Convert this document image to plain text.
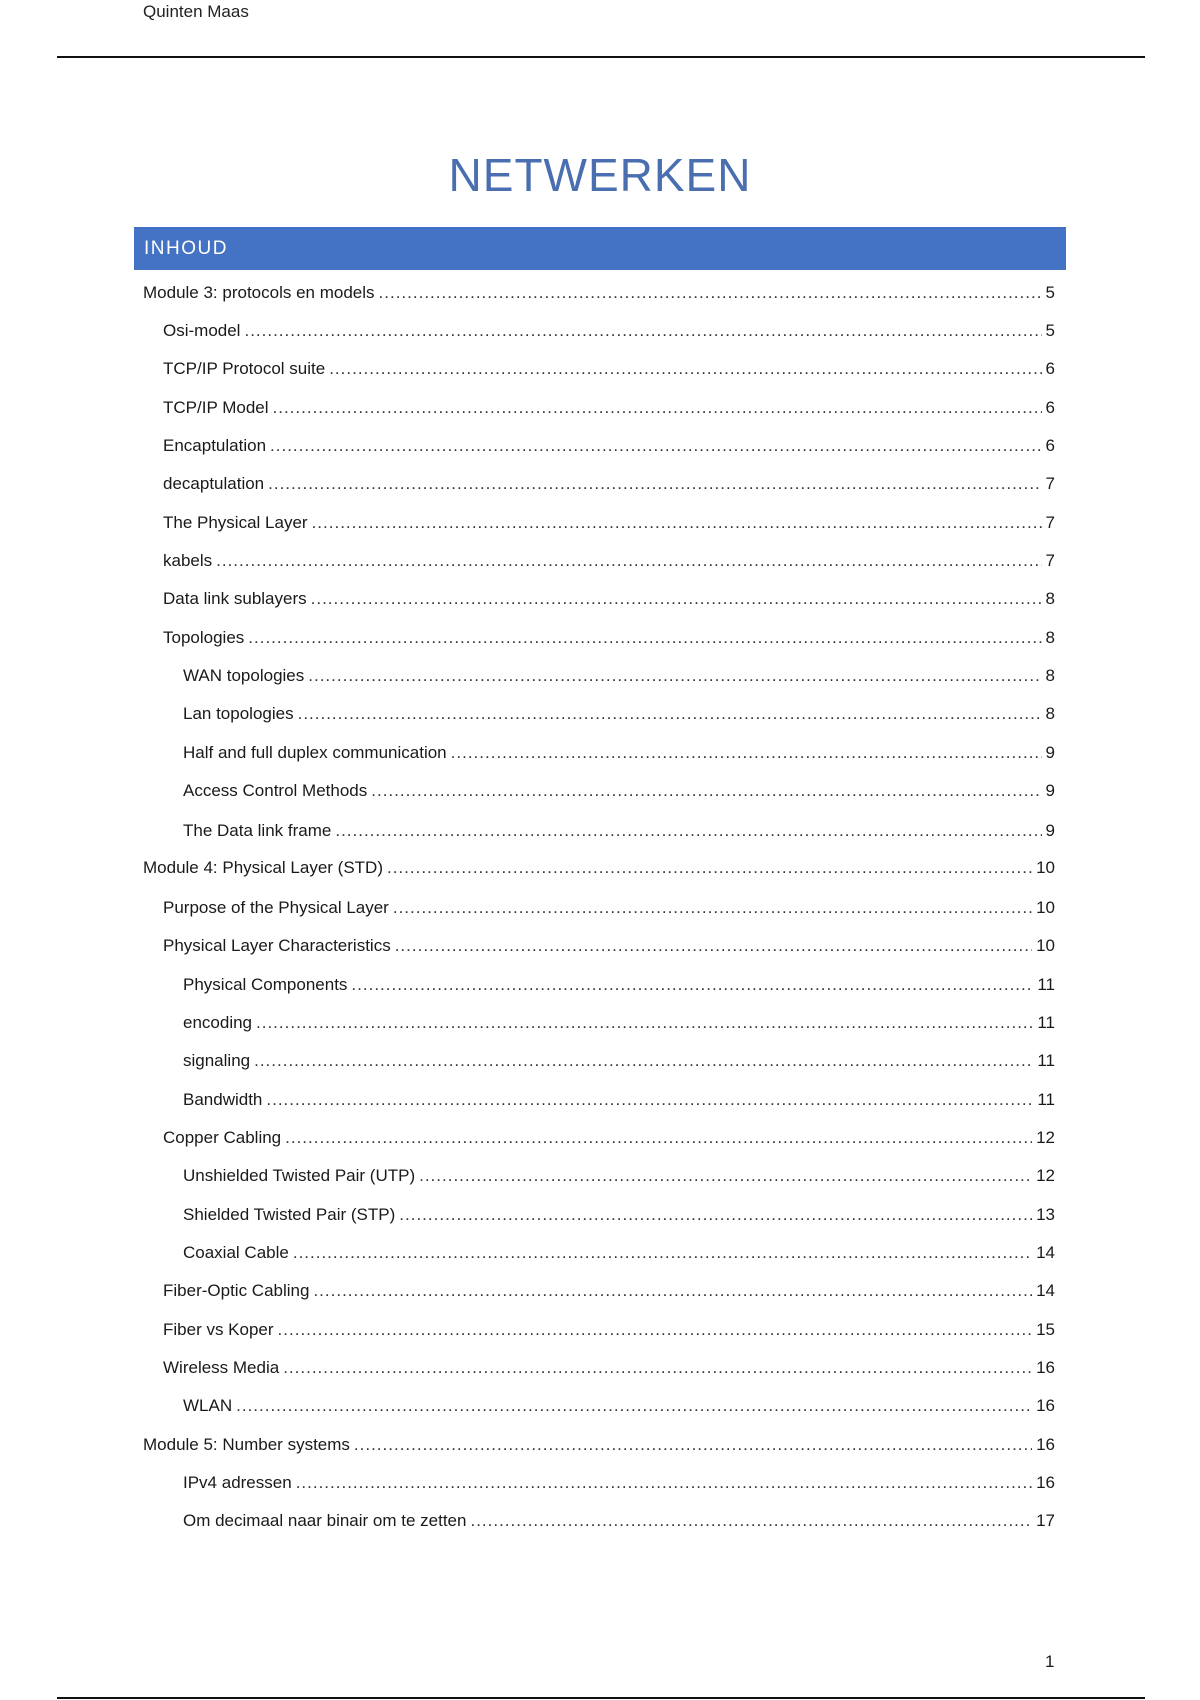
Quinten Maas
NETWERKEN
INHOUD
Module 3: protocols en models .....	5
Osi-model .....	5
TCP/IP Protocol suite .....	6
TCP/IP Model .....	6
Encaptulation .....	6
decaptulation .....	7
The Physical Layer .....	7
kabels .....	7
Data link sublayers .....	8
Topologies .....	8
WAN topologies .....	8
Lan topologies .....	8
Half and full duplex communication .....	9
Access Control Methods .....	9
The Data link frame .....	9
Module 4: Physical Layer (STD) .....	10
Purpose of the Physical Layer .....	10
Physical Layer Characteristics .....	10
Physical Components .....	11
encoding .....	11
signaling .....	11
Bandwidth .....	11
Copper Cabling .....	12
Unshielded Twisted Pair (UTP) .....	12
Shielded Twisted Pair (STP) .....	13
Coaxial Cable .....	14
Fiber-Optic Cabling .....	14
Fiber vs Koper .....	15
Wireless Media .....	16
WLAN .....	16
Module 5: Number systems .....	16
IPv4 adressen .....	16
Om decimaal naar binair om te zetten .....	17
1
